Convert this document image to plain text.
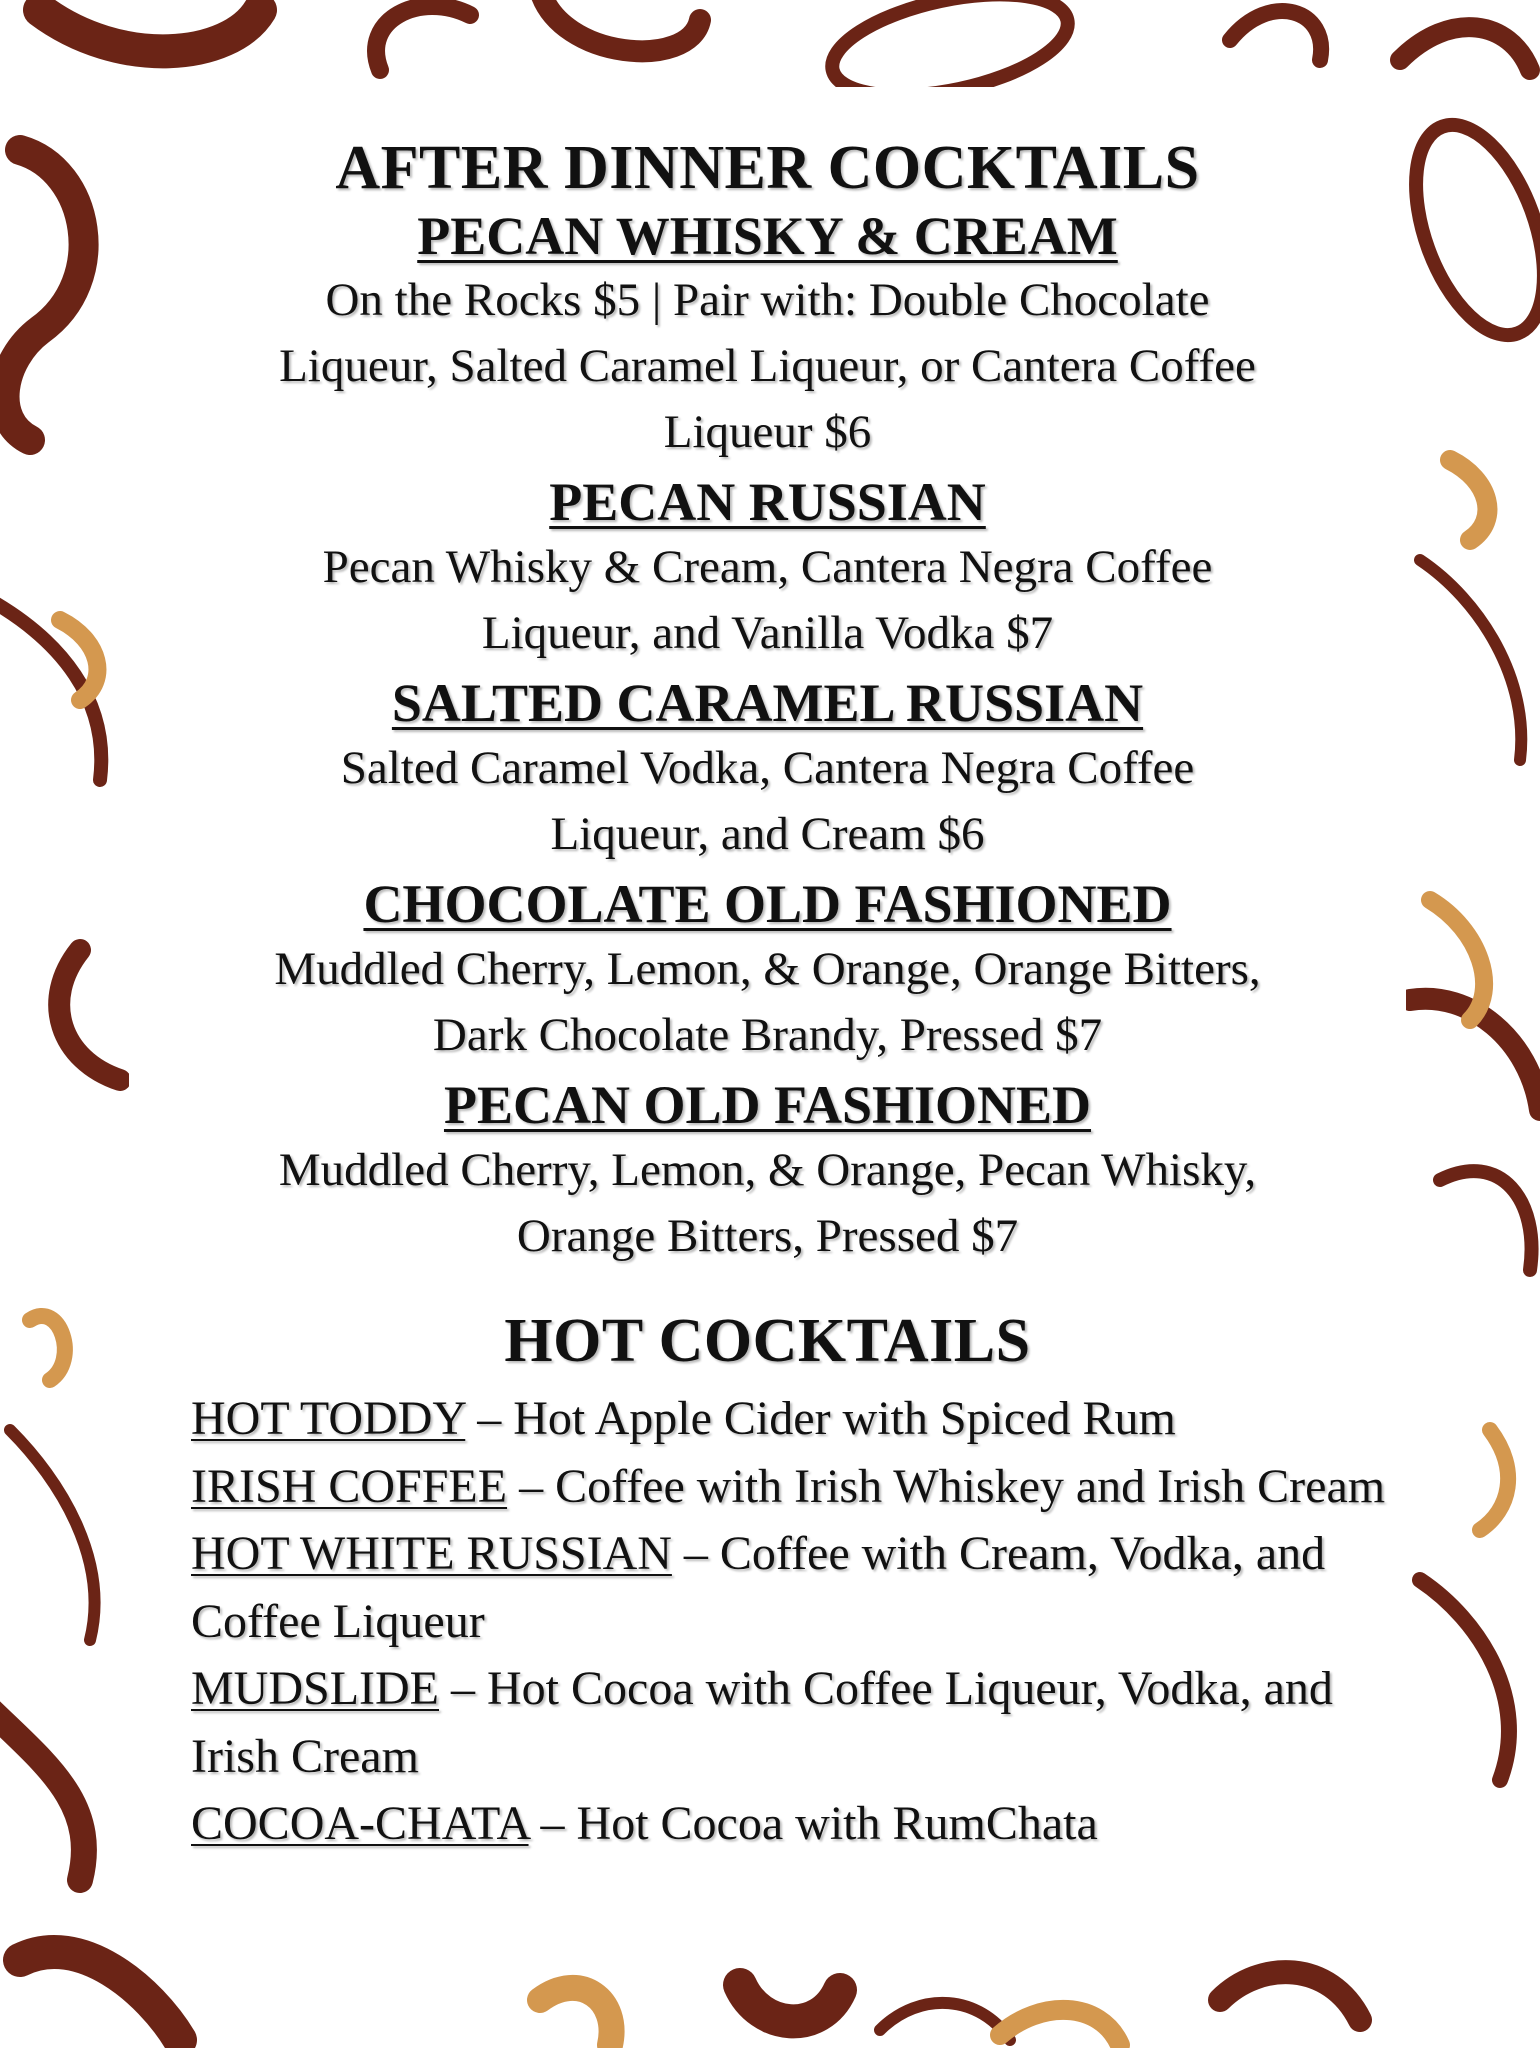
AFTER DINNER COCKTAILS
PECAN WHISKY & CREAM
On the Rocks $5 | Pair with: Double Chocolate
Liqueur, Salted Caramel Liqueur, or Cantera Coffee
Liqueur $6
PECAN RUSSIAN
Pecan Whisky & Cream, Cantera Negra Coffee
Liqueur, and Vanilla Vodka $7
SALTED CARAMEL RUSSIAN
Salted Caramel Vodka, Cantera Negra Coffee
Liqueur, and Cream $6
CHOCOLATE OLD FASHIONED
Muddled Cherry, Lemon, & Orange, Orange Bitters,
Dark Chocolate Brandy, Pressed $7
PECAN OLD FASHIONED
Muddled Cherry, Lemon, & Orange, Pecan Whisky,
Orange Bitters, Pressed $7
HOT COCKTAILS

HOT TODDY – Hot Apple Cider with Spiced Rum

IRISH COFFEE – Coffee with Irish Whiskey and Irish Cream

HOT WHITE RUSSIAN – Coffee with Cream, Vodka, and Coffee Liqueur

MUDSLIDE – Hot Cocoa with Coffee Liqueur, Vodka, and Irish Cream

COCOA-CHATA – Hot Cocoa with RumChata
